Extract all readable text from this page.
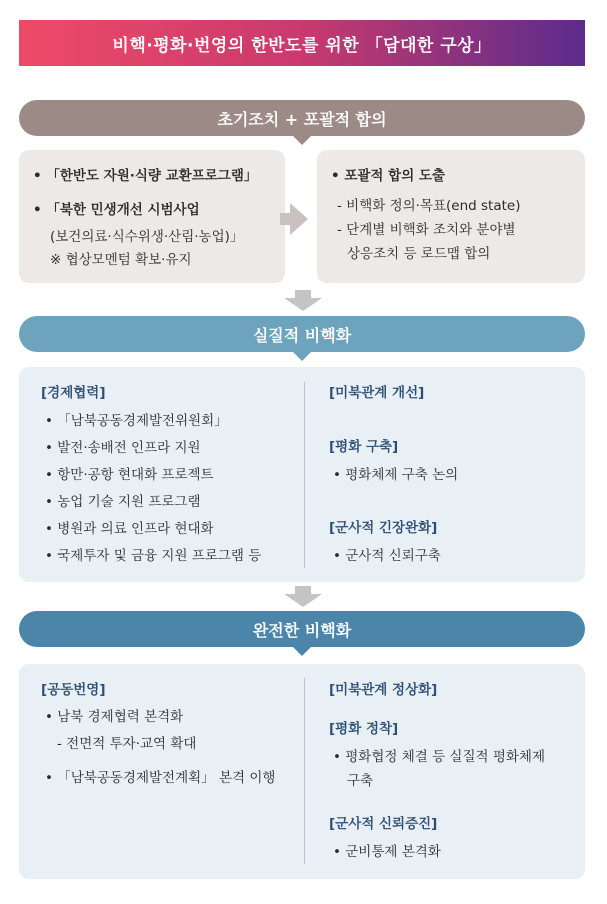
비핵·평화·번영의 한반도를 위한 「담대한 구상」
초기조치 + 포괄적 합의
• 「한반도 자원·식량 교환프로그램」
• 「북한 민생개선 시범사업
(보건의료·식수위생·산림·농업)」
※ 협상모멘텀 확보·유지
• 포괄적 합의 도출
- 비핵화 정의·목표(end state)
- 단계별 비핵화 조치와 분야별
상응조치 등 로드맵 합의
실질적 비핵화
[경제협력]
• 「남북공동경제발전위원회」
• 발전·송배전 인프라 지원
• 항만·공항 현대화 프로젝트
• 농업 기술 지원 프로그램
• 병원과 의료 인프라 현대화
• 국제투자 및 금융 지원 프로그램 등
[미북관계 개선]
[평화 구축]
• 평화체제 구축 논의
[군사적 긴장완화]
• 군사적 신뢰구축
완전한 비핵화
[공동번영]
• 남북 경제협력 본격화
- 전면적 투자·교역 확대
• 「남북공동경제발전계획」 본격 이행
[미북관계 정상화]
[평화 정착]
• 평화협정 체결 등 실질적 평화체제
구축
[군사적 신뢰증진]
• 군비통제 본격화
